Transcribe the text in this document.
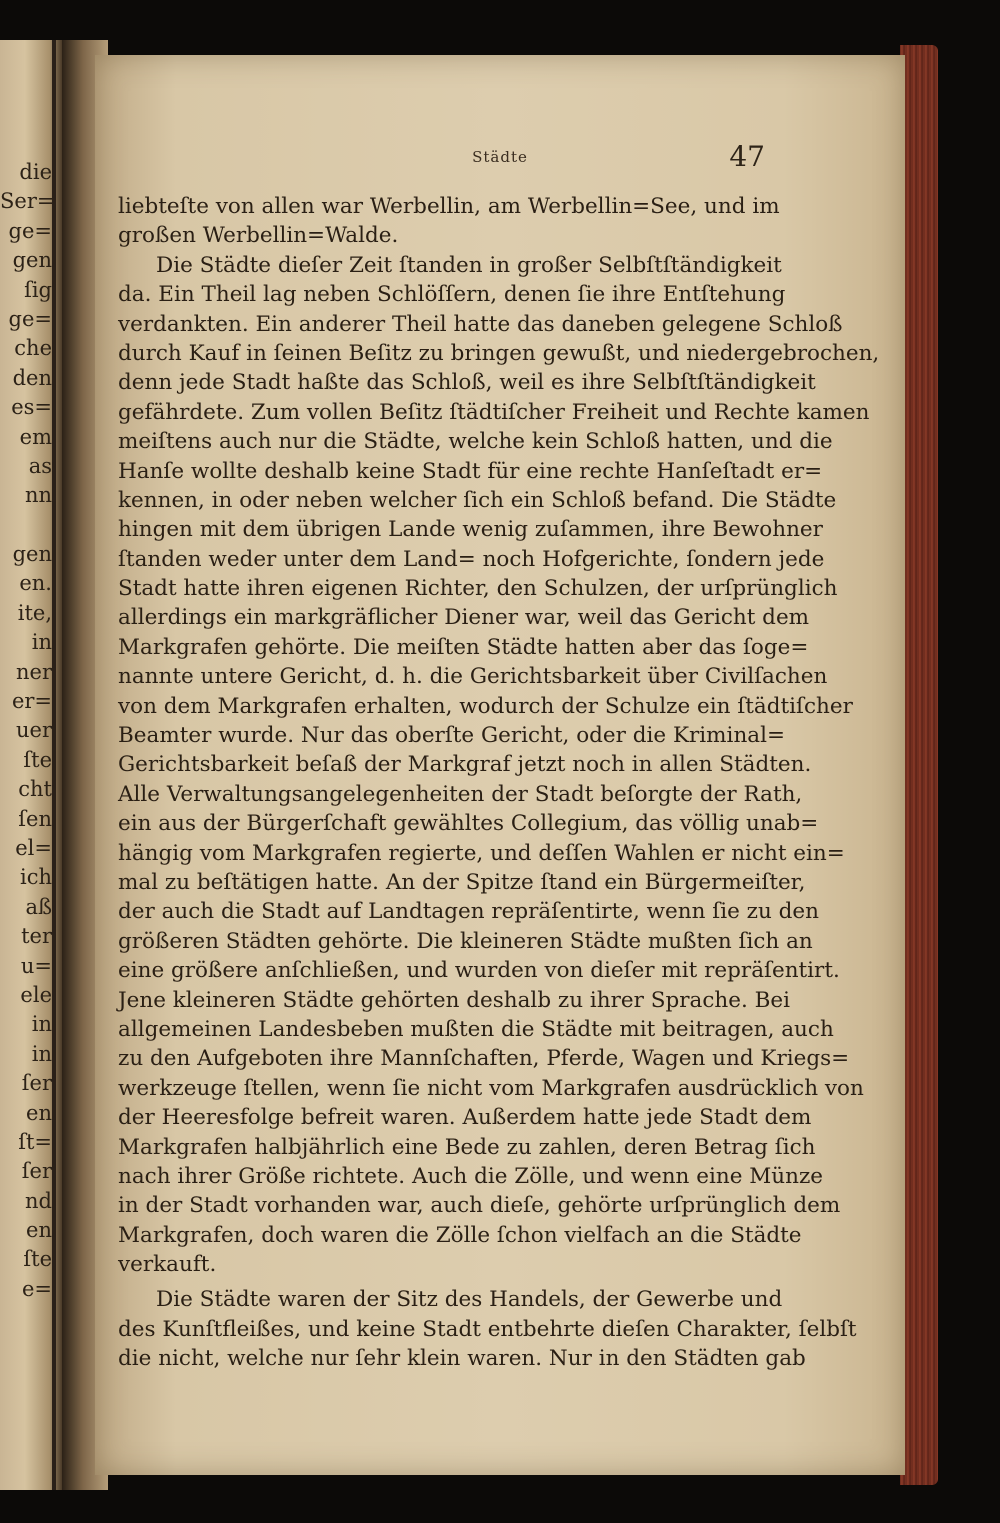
die
Ser=
ge=
gen
ſig
ge=
che
den
es=
em
as
nn
gen
en.
ite,
in
ner
er=
uer
ſte
cht
ſen
el=
ich
aß
ter
u=
ele
in
in
ſer
en
ſt=
ſer
nd
en
ſte
e=
Städte	47
liebteſte von allen war Werbellin, am Werbellin=See, und im
großen Werbellin=Walde.
Die Städte dieſer Zeit ſtanden in großer Selbſtſtändigkeit
da. Ein Theil lag neben Schlöſſern, denen ſie ihre Entſtehung
verdankten. Ein anderer Theil hatte das daneben gelegene Schloß
durch Kauf in ſeinen Beſitz zu bringen gewußt, und niedergebrochen,
denn jede Stadt haßte das Schloß, weil es ihre Selbſtſtändigkeit
gefährdete. Zum vollen Beſitz ſtädtiſcher Freiheit und Rechte kamen
meiſtens auch nur die Städte, welche kein Schloß hatten, und die
Hanſe wollte deshalb keine Stadt für eine rechte Hanſeſtadt er=
kennen, in oder neben welcher ſich ein Schloß befand. Die Städte
hingen mit dem übrigen Lande wenig zuſammen, ihre Bewohner
ſtanden weder unter dem Land= noch Hofgerichte, ſondern jede
Stadt hatte ihren eigenen Richter, den Schulzen, der urſprünglich
allerdings ein markgräflicher Diener war, weil das Gericht dem
Markgrafen gehörte. Die meiſten Städte hatten aber das ſoge=
nannte untere Gericht, d. h. die Gerichtsbarkeit über Civilſachen
von dem Markgrafen erhalten, wodurch der Schulze ein ſtädtiſcher
Beamter wurde. Nur das oberſte Gericht, oder die Kriminal=
Gerichtsbarkeit beſaß der Markgraf jetzt noch in allen Städten.
Alle Verwaltungsangelegenheiten der Stadt beſorgte der Rath,
ein aus der Bürgerſchaft gewähltes Collegium, das völlig unab=
hängig vom Markgrafen regierte, und deſſen Wahlen er nicht ein=
mal zu beſtätigen hatte. An der Spitze ſtand ein Bürgermeiſter,
der auch die Stadt auf Landtagen repräſentirte, wenn ſie zu den
größeren Städten gehörte. Die kleineren Städte mußten ſich an
eine größere anſchließen, und wurden von dieſer mit repräſentirt.
Jene kleineren Städte gehörten deshalb zu ihrer Sprache. Bei
allgemeinen Landesbeben mußten die Städte mit beitragen, auch
zu den Aufgeboten ihre Mannſchaften, Pferde, Wagen und Kriegs=
werkzeuge ſtellen, wenn ſie nicht vom Markgrafen ausdrücklich von
der Heeresfolge befreit waren. Außerdem hatte jede Stadt dem
Markgrafen halbjährlich eine Bede zu zahlen, deren Betrag ſich
nach ihrer Größe richtete. Auch die Zölle, und wenn eine Münze
in der Stadt vorhanden war, auch dieſe, gehörte urſprünglich dem
Markgrafen, doch waren die Zölle ſchon vielfach an die Städte
verkauft.
Die Städte waren der Sitz des Handels, der Gewerbe und
des Kunſtfleißes, und keine Stadt entbehrte dieſen Charakter, ſelbſt
die nicht, welche nur ſehr klein waren. Nur in den Städten gab
